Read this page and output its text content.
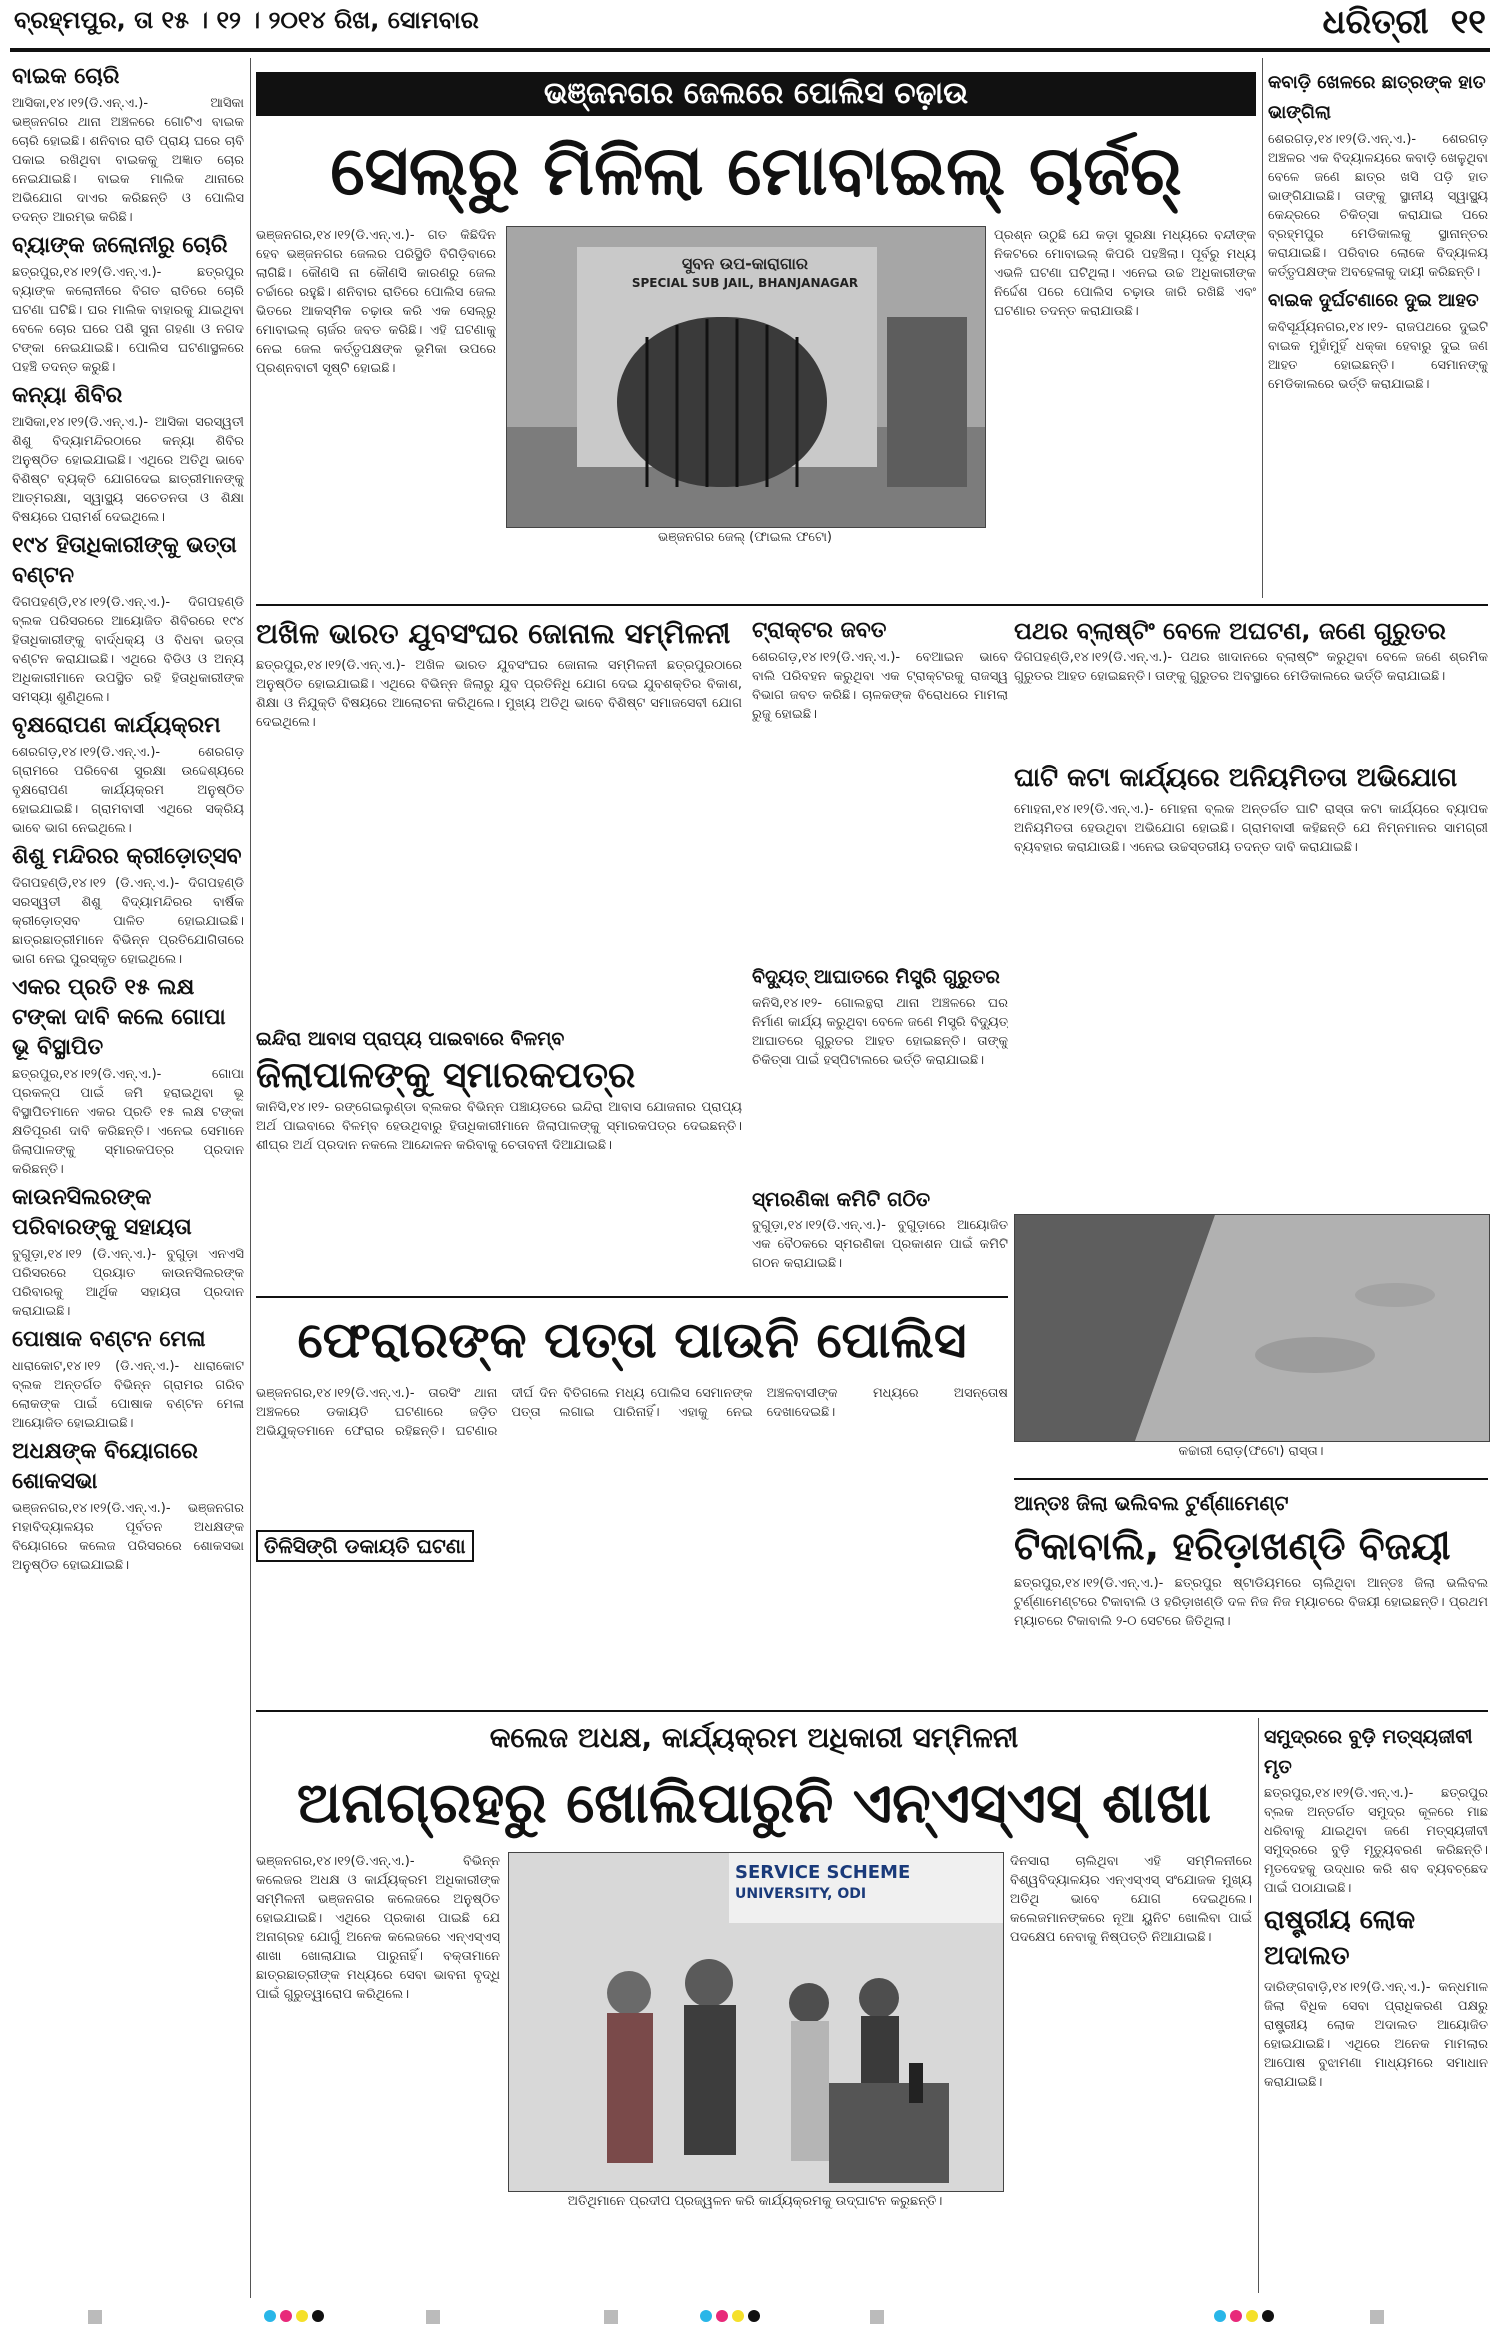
ବ୍ରହ୍ମପୁର, ତା ୧୫ । ୧୨ । ୨୦୧୪ ରିଖ, ସୋମବାର	ଧରିତ୍ରୀ ୧୧
ବାଇକ ଚୋରି

ଆସିକା,୧୪।୧୨(ଡି.ଏନ୍‌.ଏ.)- ଆସିକା ଭଞ୍ଜନଗର ଥାନା ଅଞ୍ଚଳରେ ଗୋଟିଏ ବାଇକ ଚୋରି ହୋଇଛି। ଶନିବାର ରାତି ପ୍ରାୟ ଘରେ ଚାବି ପକାଇ ରଖିଥିବା ବାଇକକୁ ଅଜ୍ଞାତ ଚୋର ନେଇଯାଇଛି। ବାଇକ ମାଲିକ ଥାନାରେ ଅଭିଯୋଗ ଦାଏର କରିଛନ୍ତି ଓ ପୋଲିସ ତଦନ୍ତ ଆରମ୍ଭ କରିଛି।

ବ୍ୟାଙ୍କ ଜଲୋନୀରୁ ଚୋରି

ଛତ୍ରପୁର,୧୪।୧୨(ଡି.ଏନ୍‌.ଏ.)- ଛତ୍ରପୁର ବ୍ୟାଙ୍କ କଲୋନୀରେ ବିଗତ ରାତିରେ ଚୋରି ଘଟଣା ଘଟିଛି। ଘର ମାଲିକ ବାହାରକୁ ଯାଇଥିବା ବେଳେ ଚୋର ଘରେ ପଶି ସୁନା ଗହଣା ଓ ନଗଦ ଟଙ୍କା ନେଇଯାଇଛି। ପୋଲିସ ଘଟଣାସ୍ଥଳରେ ପହଞ୍ଚି ତଦନ୍ତ କରୁଛି।

କନ୍ୟା ଶିବିର

ଆସିକା,୧୪।୧୨(ଡି.ଏନ୍‌.ଏ.)- ଆସିକା ସରସ୍ୱତୀ ଶିଶୁ ବିଦ୍ୟାମନ୍ଦିରଠାରେ କନ୍ୟା ଶିବିର ଅନୁଷ୍ଠିତ ହୋଇଯାଇଛି। ଏଥିରେ ଅତିଥି ଭାବେ ବିଶିଷ୍ଟ ବ୍ୟକ୍ତି ଯୋଗଦେଇ ଛାତ୍ରୀମାନଙ୍କୁ ଆତ୍ମରକ୍ଷା, ସ୍ୱାସ୍ଥ୍ୟ ସଚେତନତା ଓ ଶିକ୍ଷା ବିଷୟରେ ପରାମର୍ଶ ଦେଇଥିଲେ।

୧୯୪ ହିତାଧିକାରୀଙ୍କୁ ଭତ୍ତା ବଣ୍ଟନ

ଦିଗପହଣ୍ଡି,୧୪।୧୨(ଡି.ଏନ୍‌.ଏ.)- ଦିଗପହଣ୍ଡି ବ୍ଲକ ପରିସରରେ ଆୟୋଜିତ ଶିବିରରେ ୧୯୪ ହିତାଧିକାରୀଙ୍କୁ ବାର୍ଦ୍ଧକ୍ୟ ଓ ବିଧବା ଭତ୍ତା ବଣ୍ଟନ କରାଯାଇଛି। ଏଥିରେ ବିଡିଓ ଓ ଅନ୍ୟ ଅଧିକାରୀମାନେ ଉପସ୍ଥିତ ରହି ହିତାଧିକାରୀଙ୍କ ସମସ୍ୟା ଶୁଣିଥିଲେ।

ବୃକ୍ଷରୋପଣ କାର୍ଯ୍ୟକ୍ରମ

ଶେରଗଡ଼,୧୪।୧୨(ଡି.ଏନ୍‌.ଏ.)- ଶେରଗଡ଼ ଗ୍ରାମରେ ପରିବେଶ ସୁରକ୍ଷା ଉଦ୍ଦେଶ୍ୟରେ ବୃକ୍ଷରୋପଣ କାର୍ଯ୍ୟକ୍ରମ ଅନୁଷ୍ଠିତ ହୋଇଯାଇଛି। ଗ୍ରାମବାସୀ ଏଥିରେ ସକ୍ରିୟ ଭାବେ ଭାଗ ନେଇଥିଲେ।

ଶିଶୁ ମନ୍ଦିରର କ୍ରୀଡ଼ୋତ୍ସବ

ଦିଗପହଣ୍ଡି,୧୪।୧୨ (ଡି.ଏନ୍‌.ଏ.)- ଦିଗପହଣ୍ଡି ସରସ୍ୱତୀ ଶିଶୁ ବିଦ୍ୟାମନ୍ଦିରର ବାର୍ଷିକ କ୍ରୀଡ଼ୋତ୍ସବ ପାଳିତ ହୋଇଯାଇଛି। ଛାତ୍ରଛାତ୍ରୀମାନେ ବିଭିନ୍ନ ପ୍ରତିଯୋଗିତାରେ ଭାଗ ନେଇ ପୁରସ୍କୃତ ହୋଇଥିଲେ।

ଏକର ପ୍ରତି ୧୫ ଲକ୍ଷ ଟଙ୍କା ଦାବି କଲେ ଗୋପା ଭୂ ବିସ୍ଥାପିତ

ଛତ୍ରପୁର,୧୪।୧୨(ଡି.ଏନ୍‌.ଏ.)- ଗୋପା ପ୍ରକଳ୍ପ ପାଇଁ ଜମି ହରାଇଥିବା ଭୂ ବିସ୍ଥାପିତମାନେ ଏକର ପ୍ରତି ୧୫ ଲକ୍ଷ ଟଙ୍କା କ୍ଷତିପୂରଣ ଦାବି କରିଛନ୍ତି। ଏନେଇ ସେମାନେ ଜିଲାପାଳଙ୍କୁ ସ୍ମାରକପତ୍ର ପ୍ରଦାନ କରିଛନ୍ତି।

କାଉନସିଲରଙ୍କ ପରିବାରଙ୍କୁ ସହାୟତା

ବୁଗୁଡ଼ା,୧୪।୧୨ (ଡି.ଏନ୍‌.ଏ.)- ବୁଗୁଡ଼ା ଏନଏସି ପରିସରରେ ପ୍ରୟାତ କାଉନସିଲରଙ୍କ ପରିବାରକୁ ଆର୍ଥିକ ସହାୟତା ପ୍ରଦାନ କରାଯାଇଛି।

ପୋଷାକ ବଣ୍ଟନ ମେଳା

ଧାରାକୋଟ,୧୪।୧୨ (ଡି.ଏନ୍‌.ଏ.)- ଧାରାକୋଟ ବ୍ଲକ ଅନ୍ତର୍ଗତ ବିଭିନ୍ନ ଗ୍ରାମର ଗରିବ ଲୋକଙ୍କ ପାଇଁ ପୋଷାକ ବଣ୍ଟନ ମେଳା ଆୟୋଜିତ ହୋଇଯାଇଛି।

ଅଧକ୍ଷଙ୍କ ବିୟୋଗରେ ଶୋକସଭା

ଭଞ୍ଜନଗର,୧୪।୧୨(ଡି.ଏନ୍‌.ଏ.)- ଭଞ୍ଜନଗର ମହାବିଦ୍ୟାଳୟର ପୂର୍ବତନ ଅଧକ୍ଷଙ୍କ ବିୟୋଗରେ କଲେଜ ପରିସରରେ ଶୋକସଭା ଅନୁଷ୍ଠିତ ହୋଇଯାଇଛି।

ଭଞ୍ଜନଗର ଜେଲରେ ପୋଲିସ ଚଢ଼ାଉ
ସେଲ୍‌ରୁ ମିଳିଲା ମୋବାଇଲ୍ ଚାର୍ଜର୍

ଭଞ୍ଜନଗର,୧୪।୧୨(ଡି.ଏନ୍‌.ଏ.)- ଗତ କିଛିଦିନ ହେବ ଭଞ୍ଜନଗର ଜେଲର ପରିସ୍ଥିତି ବିଗିଡ଼ିବାରେ ଲାଗିଛି। କୌଣସି ନା କୌଣସି କାରଣରୁ ଜେଲ ଚର୍ଚ୍ଚାରେ ରହୁଛି। ଶନିବାର ରାତିରେ ପୋଲିସ ଜେଲ ଭିତରେ ଆକସ୍ମିକ ଚଢ଼ାଉ କରି ଏକ ସେଲ୍‌ରୁ ମୋବାଇଲ୍ ଚାର୍ଜର ଜବତ କରିଛି। ଏହି ଘଟଣାକୁ ନେଇ ଜେଲ କର୍ତ୍ତୃପକ୍ଷଙ୍କ ଭୂମିକା ଉପରେ ପ୍ରଶ୍ନବାଚୀ ସୃଷ୍ଟି ହୋଇଛି।

ସୁବନ ଉପ-କାରାଗାର
SPECIAL SUB JAIL, BHANJANAGAR
ଭଞ୍ଜନଗର ଜେଲ୍ (ଫାଇଲ ଫଟୋ)

ପ୍ରଶ୍ନ ଉଠୁଛି ଯେ କଡ଼ା ସୁରକ୍ଷା ମଧ୍ୟରେ ବନ୍ଦୀଙ୍କ ନିକଟରେ ମୋବାଇଲ୍ କିପରି ପହଞ୍ଚିଲା। ପୂର୍ବରୁ ମଧ୍ୟ ଏଭଳି ଘଟଣା ଘଟିଥିଲା। ଏନେଇ ଉଚ୍ଚ ଅଧିକାରୀଙ୍କ ନିର୍ଦ୍ଦେଶ ପରେ ପୋଲିସ ଚଢ଼ାଉ ଜାରି ରଖିଛି ଏବଂ ଘଟଣାର ତଦନ୍ତ କରାଯାଉଛି।

କବାଡ଼ି ଖେଳରେ ଛାତ୍ରଙ୍କ ହାତ ଭାଙ୍ଗିଲା

ଶେରଗଡ଼,୧୪।୧୨(ଡି.ଏନ୍‌.ଏ.)- ଶେରଗଡ଼ ଅଞ୍ଚଳର ଏକ ବିଦ୍ୟାଳୟରେ କବାଡ଼ି ଖେଳୁଥିବା ବେଳେ ଜଣେ ଛାତ୍ର ଖସି ପଡ଼ି ହାତ ଭାଙ୍ଗିଯାଇଛି। ତାଙ୍କୁ ସ୍ଥାନୀୟ ସ୍ୱାସ୍ଥ୍ୟ କେନ୍ଦ୍ରରେ ଚିକିତ୍ସା କରାଯାଇ ପରେ ବ୍ରହ୍ମପୁର ମେଡିକାଲକୁ ସ୍ଥାନାନ୍ତର କରାଯାଇଛି। ପରିବାର ଲୋକେ ବିଦ୍ୟାଳୟ କର୍ତ୍ତୃପକ୍ଷଙ୍କ ଅବହେଳାକୁ ଦାୟୀ କରିଛନ୍ତି।

ବାଇକ ଦୁର୍ଘଟଣାରେ ଦୁଇ ଆହତ

କବିସୂର୍ଯ୍ୟନଗର,୧୪।୧୨- ରାଜପଥରେ ଦୁଇଟି ବାଇକ ମୁହାଁମୁହିଁ ଧକ୍କା ହେବାରୁ ଦୁଇ ଜଣ ଆହତ ହୋଇଛନ୍ତି। ସେମାନଙ୍କୁ ମେଡିକାଲରେ ଭର୍ତ୍ତି କରାଯାଇଛି।

ଅଖିଳ ଭାରତ ଯୁବସଂଘର ଜୋନାଲ ସମ୍ମିଳନୀ

ଛତ୍ରପୁର,୧୪।୧୨(ଡି.ଏନ୍‌.ଏ.)- ଅଖିଳ ଭାରତ ଯୁବସଂଘର ଜୋନାଲ ସମ୍ମିଳନୀ ଛତ୍ରପୁରଠାରେ ଅନୁଷ୍ଠିତ ହୋଇଯାଇଛି। ଏଥିରେ ବିଭିନ୍ନ ଜିଲାରୁ ଯୁବ ପ୍ରତିନିଧି ଯୋଗ ଦେଇ ଯୁବଶକ୍ତିର ବିକାଶ, ଶିକ୍ଷା ଓ ନିଯୁକ୍ତି ବିଷୟରେ ଆଲୋଚନା କରିଥିଲେ। ମୁଖ୍ୟ ଅତିଥି ଭାବେ ବିଶିଷ୍ଟ ସମାଜସେବୀ ଯୋଗ ଦେଇଥିଲେ।

ଟ୍ରାକ୍ଟର ଜବତ

ଶେରଗଡ଼,୧୪।୧୨(ଡି.ଏନ୍‌.ଏ.)- ବେଆଇନ ଭାବେ ବାଲି ପରିବହନ କରୁଥିବା ଏକ ଟ୍ରାକ୍ଟରକୁ ରାଜସ୍ୱ ବିଭାଗ ଜବତ କରିଛି। ଚାଳକଙ୍କ ବିରୋଧରେ ମାମଲା ରୁଜୁ ହୋଇଛି।

ପଥର ବ୍ଲାଷ୍ଟିଂ ବେଳେ ଅଘଟଣ, ଜଣେ ଗୁରୁତର

ଦିଗପହଣ୍ଡି,୧୪।୧୨(ଡି.ଏନ୍‌.ଏ.)- ପଥର ଖାଦାନରେ ବ୍ଲାଷ୍ଟିଂ କରୁଥିବା ବେଳେ ଜଣେ ଶ୍ରମିକ ଗୁରୁତର ଆହତ ହୋଇଛନ୍ତି। ତାଙ୍କୁ ଗୁରୁତର ଅବସ୍ଥାରେ ମେଡିକାଲରେ ଭର୍ତ୍ତି କରାଯାଇଛି।

ଘାଟି କଟା କାର୍ଯ୍ୟରେ ଅନିୟମିତତା ଅଭିଯୋଗ

ମୋହନା,୧୪।୧୨(ଡି.ଏନ୍‌.ଏ.)- ମୋହନା ବ୍ଲକ ଅନ୍ତର୍ଗତ ଘାଟି ରାସ୍ତା କଟା କାର୍ଯ୍ୟରେ ବ୍ୟାପକ ଅନିୟମିତତା ହେଉଥିବା ଅଭିଯୋଗ ହୋଇଛି। ଗ୍ରାମବାସୀ କହିଛନ୍ତି ଯେ ନିମ୍ନମାନର ସାମଗ୍ରୀ ବ୍ୟବହାର କରାଯାଉଛି। ଏନେଇ ଉଚ୍ଚସ୍ତରୀୟ ତଦନ୍ତ ଦାବି କରାଯାଇଛି।

ବିଦ୍ୟୁତ୍ ଆଘାତରେ ମିସ୍ତ୍ରି ଗୁରୁତର

କନିସି,୧୪।୧୨- ଗୋଲନ୍ଥରା ଥାନା ଅଞ୍ଚଳରେ ଘର ନିର୍ମାଣ କାର୍ଯ୍ୟ କରୁଥିବା ବେଳେ ଜଣେ ମିସ୍ତ୍ରି ବିଦ୍ୟୁତ୍ ଆଘାତରେ ଗୁରୁତର ଆହତ ହୋଇଛନ୍ତି। ତାଙ୍କୁ ଚିକିତ୍ସା ପାଇଁ ହସ୍ପିଟାଲରେ ଭର୍ତ୍ତି କରାଯାଇଛି।

ଇନ୍ଦିରା ଆବାସ ପ୍ରାପ୍ୟ ପାଇବାରେ ବିଳମ୍ବ
ଜିଲାପାଳଙ୍କୁ ସ୍ମାରକପତ୍ର

କାନିସି,୧୪।୧୨- ରଙ୍ଗେଇଲୁଣ୍ଡା ବ୍ଲକର ବିଭିନ୍ନ ପଞ୍ଚାୟତରେ ଇନ୍ଦିରା ଆବାସ ଯୋଜନାର ପ୍ରାପ୍ୟ ଅର୍ଥ ପାଇବାରେ ବିଳମ୍ବ ହେଉଥିବାରୁ ହିତାଧିକାରୀମାନେ ଜିଲାପାଳଙ୍କୁ ସ୍ମାରକପତ୍ର ଦେଇଛନ୍ତି। ଶୀଘ୍ର ଅର୍ଥ ପ୍ରଦାନ ନକଲେ ଆନ୍ଦୋଳନ କରିବାକୁ ଚେତାବନୀ ଦିଆଯାଇଛି।

ସ୍ମରଣିକା କମିଟି ଗଠିତ

ବୁଗୁଡ଼ା,୧୪।୧୨(ଡି.ଏନ୍‌.ଏ.)- ବୁଗୁଡ଼ାରେ ଆୟୋଜିତ ଏକ ବୈଠକରେ ସ୍ମରଣିକା ପ୍ରକାଶନ ପାଇଁ କମିଟି ଗଠନ କରାଯାଇଛି।

କଚ୍ଚାରୀ ରୋଡ଼(ଫଟୋ) ରାସ୍ତା।
ଫେରାରଙ୍କ ପତ୍ତା ପାଉନି ପୋଲିସ

ଭଞ୍ଜନଗର,୧୪।୧୨(ଡି.ଏନ୍‌.ଏ.)- ତାରସିଂ ଥାନା ଅଞ୍ଚଳରେ ଡକାୟତି ଘଟଣାରେ ଜଡ଼ିତ ଅଭିଯୁକ୍ତମାନେ ଫେରାର ରହିଛନ୍ତି। ଘଟଣାର ଦୀର୍ଘ ଦିନ ବିତିଗଲେ ମଧ୍ୟ ପୋଲିସ ସେମାନଙ୍କ ପତ୍ତା ଲଗାଇ ପାରିନାହିଁ। ଏହାକୁ ନେଇ ଅଞ୍ଚଳବାସୀଙ୍କ ମଧ୍ୟରେ ଅସନ୍ତୋଷ ଦେଖାଦେଇଛି।

ତିଳିସିଙ୍ଗି ଡକାୟତି ଘଟଣା
ଆନ୍ତଃ ଜିଲା ଭଲିବଲ ଟୁର୍ଣ୍ଣାମେଣ୍ଟ
ଟିକାବାଲି, ହରିଡ଼ାଖଣ୍ଡି ବିଜୟୀ

ଛତ୍ରପୁର,୧୪।୧୨(ଡି.ଏନ୍‌.ଏ.)- ଛତ୍ରପୁର ଷ୍ଟାଡିୟମରେ ଚାଲିଥିବା ଆନ୍ତଃ ଜିଲା ଭଲିବଲ ଟୁର୍ଣ୍ଣାମେଣ୍ଟରେ ଟିକାବାଲି ଓ ହରିଡ଼ାଖଣ୍ଡି ଦଳ ନିଜ ନିଜ ମ୍ୟାଚରେ ବିଜୟୀ ହୋଇଛନ୍ତି। ପ୍ରଥମ ମ୍ୟାଚରେ ଟିକାବାଲି ୨-୦ ସେଟରେ ଜିତିଥିଲା।

କଲେଜ ଅଧକ୍ଷ, କାର୍ଯ୍ୟକ୍ରମ ଅଧିକାରୀ ସମ୍ମିଳନୀ
ଅନାଗ୍ରହରୁ ଖୋଲିପାରୁନି ଏନ୍‌ଏସ୍‌ଏସ୍ ଶାଖା

ଭଞ୍ଜନଗର,୧୪।୧୨(ଡି.ଏନ୍‌.ଏ.)- ବିଭିନ୍ନ କଲେଜର ଅଧକ୍ଷ ଓ କାର୍ଯ୍ୟକ୍ରମ ଅଧିକାରୀଙ୍କ ସମ୍ମିଳନୀ ଭଞ୍ଜନଗର କଲେଜରେ ଅନୁଷ୍ଠିତ ହୋଇଯାଇଛି। ଏଥିରେ ପ୍ରକାଶ ପାଇଛି ଯେ ଅନାଗ୍ରହ ଯୋଗୁଁ ଅନେକ କଲେଜରେ ଏନ୍‌ଏସ୍‌ଏସ୍ ଶାଖା ଖୋଲାଯାଇ ପାରୁନାହିଁ। ବକ୍ତାମାନେ ଛାତ୍ରଛାତ୍ରୀଙ୍କ ମଧ୍ୟରେ ସେବା ଭାବନା ବୃଦ୍ଧି ପାଇଁ ଗୁରୁତ୍ୱାରୋପ କରିଥିଲେ।

SERVICE SCHEME
UNIVERSITY, ODI
ଅତିଥିମାନେ ପ୍ରଦୀପ ପ୍ରଜ୍ୱଳନ କରି କାର୍ଯ୍ୟକ୍ରମକୁ ଉଦ୍‌ଘାଟନ କରୁଛନ୍ତି।

ଦିନସାରା ଚାଲିଥିବା ଏହି ସମ୍ମିଳନୀରେ ବିଶ୍ୱବିଦ୍ୟାଳୟର ଏନ୍‌ଏସ୍‌ଏସ୍ ସଂଯୋଜକ ମୁଖ୍ୟ ଅତିଥି ଭାବେ ଯୋଗ ଦେଇଥିଲେ। କଲେଜମାନଙ୍କରେ ନୂଆ ୟୁନିଟ ଖୋଲିବା ପାଇଁ ପଦକ୍ଷେପ ନେବାକୁ ନିଷ୍ପତ୍ତି ନିଆଯାଇଛି।

ସମୁଦ୍ରରେ ବୁଡ଼ି ମତ୍ସ୍ୟଜୀବୀ ମୃତ

ଛତ୍ରପୁର,୧୪।୧୨(ଡି.ଏନ୍‌.ଏ.)- ଛତ୍ରପୁର ବ୍ଲକ ଅନ୍ତର୍ଗତ ସମୁଦ୍ର କୂଳରେ ମାଛ ଧରିବାକୁ ଯାଇଥିବା ଜଣେ ମତ୍ସ୍ୟଜୀବୀ ସମୁଦ୍ରରେ ବୁଡ଼ି ମୃତ୍ୟୁବରଣ କରିଛନ୍ତି। ମୃତଦେହକୁ ଉଦ୍ଧାର କରି ଶବ ବ୍ୟବଚ୍ଛେଦ ପାଇଁ ପଠାଯାଇଛି।

ରାଷ୍ଟ୍ରୀୟ ଲୋକ ଅଦାଲତ

ଦାରିଙ୍ଗବାଡ଼ି,୧୪।୧୨(ଡି.ଏନ୍‌.ଏ.)- କନ୍ଧମାଳ ଜିଲା ବିଧିକ ସେବା ପ୍ରାଧିକରଣ ପକ୍ଷରୁ ରାଷ୍ଟ୍ରୀୟ ଲୋକ ଅଦାଲତ ଆୟୋଜିତ ହୋଇଯାଇଛି। ଏଥିରେ ଅନେକ ମାମଲାର ଆପୋଷ ବୁଝାମଣା ମାଧ୍ୟମରେ ସମାଧାନ କରାଯାଇଛି।
